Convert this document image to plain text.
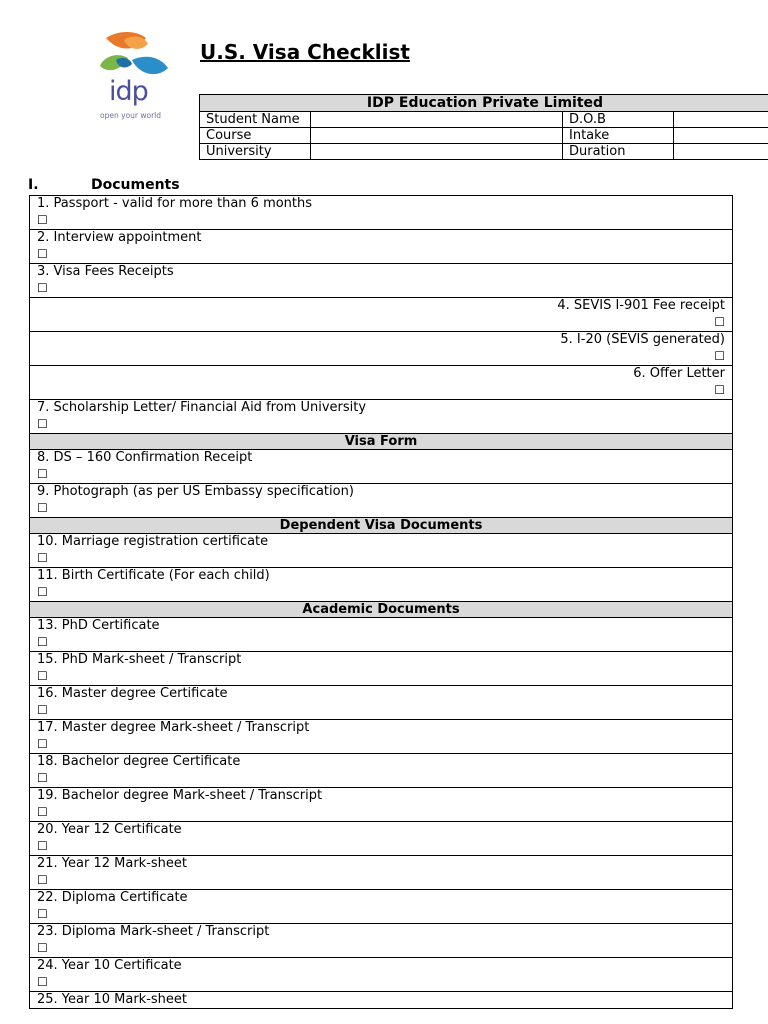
idp
open your world
U.S. Visa Checklist
IDP Education Private Limited			
Student Name		D.O.B	
Course		Intake	
University		Duration	
I.	Documents
1. Passport - valid for more than 6 months
☐

2. Interview appointment
☐

3. Visa Fees Receipts
☐

4. SEVIS I-901 Fee receipt
☐

5. I-20 (SEVIS generated)
☐

6. Offer Letter
☐

7. Scholarship Letter/ Financial Aid from University
☐

Visa Form
8. DS – 160 Confirmation Receipt
☐

9. Photograph (as per US Embassy specification)
☐

Dependent Visa Documents
10. Marriage registration certificate
☐

11. Birth Certificate (For each child)
☐

Academic Documents
13. PhD Certificate
☐

15. PhD Mark-sheet / Transcript
☐

16. Master degree Certificate
☐

17. Master degree Mark-sheet / Transcript
☐

18. Bachelor degree Certificate
☐

19. Bachelor degree Mark-sheet / Transcript
☐

20. Year 12 Certificate
☐

21. Year 12 Mark-sheet
☐

22. Diploma Certificate
☐

23. Diploma Mark-sheet / Transcript
☐

24. Year 10 Certificate
☐

25. Year 10 Mark-sheet
